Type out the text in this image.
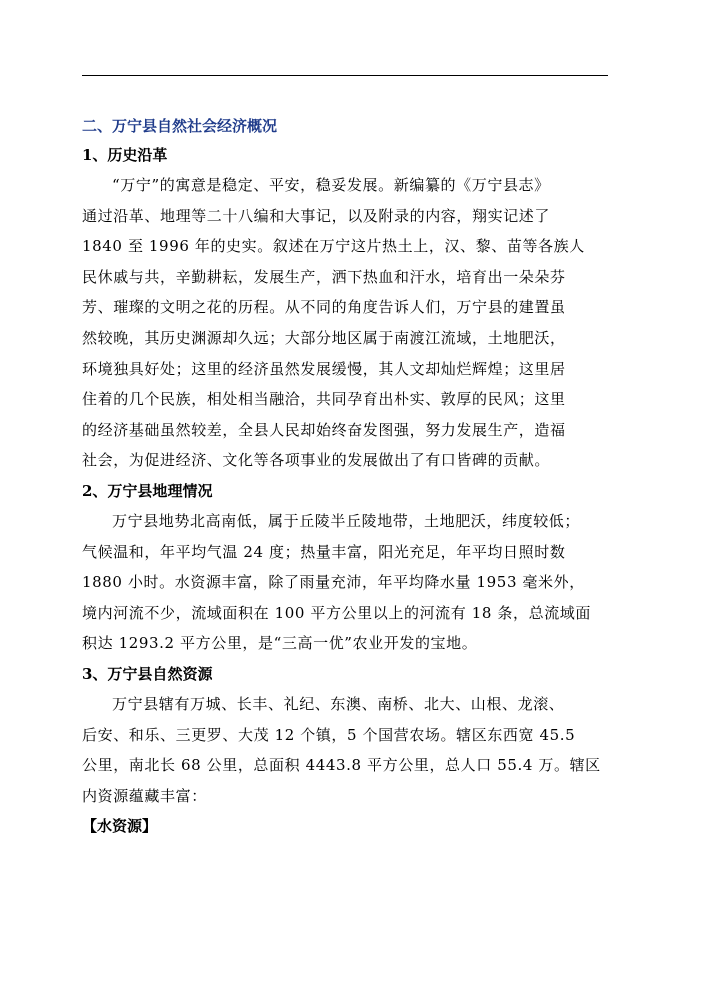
二、万宁县自然社会经济概况

1、历史沿革

“万宁”的寓意是稳定、平安，稳妥发展。新编纂的《万宁县志》
通过沿革、地理等二十八编和大事记，以及附录的内容，翔实记述了
1840 至 1996 年的史实。叙述在万宁这片热土上，汉、黎、苗等各族人
民休戚与共，辛勤耕耘，发展生产，洒下热血和汗水，培育出一朵朵芬
芳、璀璨的文明之花的历程。从不同的角度告诉人们，万宁县的建置虽
然较晚，其历史渊源却久远；大部分地区属于南渡江流域，土地肥沃，
环境独具好处；这里的经济虽然发展缓慢，其人文却灿烂辉煌；这里居
住着的几个民族，相处相当融洽，共同孕育出朴实、敦厚的民风；这里
的经济基础虽然较差，全县人民却始终奋发图强，努力发展生产，造福
社会，为促进经济、文化等各项事业的发展做出了有口皆碑的贡献。

2、万宁县地理情况

万宁县地势北高南低，属于丘陵半丘陵地带，土地肥沃，纬度较低；
气候温和，年平均气温 24 度；热量丰富，阳光充足，年平均日照时数
1880 小时。水资源丰富，除了雨量充沛，年平均降水量 1953 毫米外，
境内河流不少，流域面积在 100 平方公里以上的河流有 18 条，总流域面
积达 1293.2 平方公里，是“三高一优”农业开发的宝地。

3、万宁县自然资源

万宁县辖有万城、长丰、礼纪、东澳、南桥、北大、山根、龙滚、
后安、和乐、三更罗、大茂 12 个镇，5 个国营农场。辖区东西宽 45.5
公里，南北长 68 公里，总面积 4443.8 平方公里，总人口 55.4 万。辖区
内资源蕴藏丰富：

【水资源】
